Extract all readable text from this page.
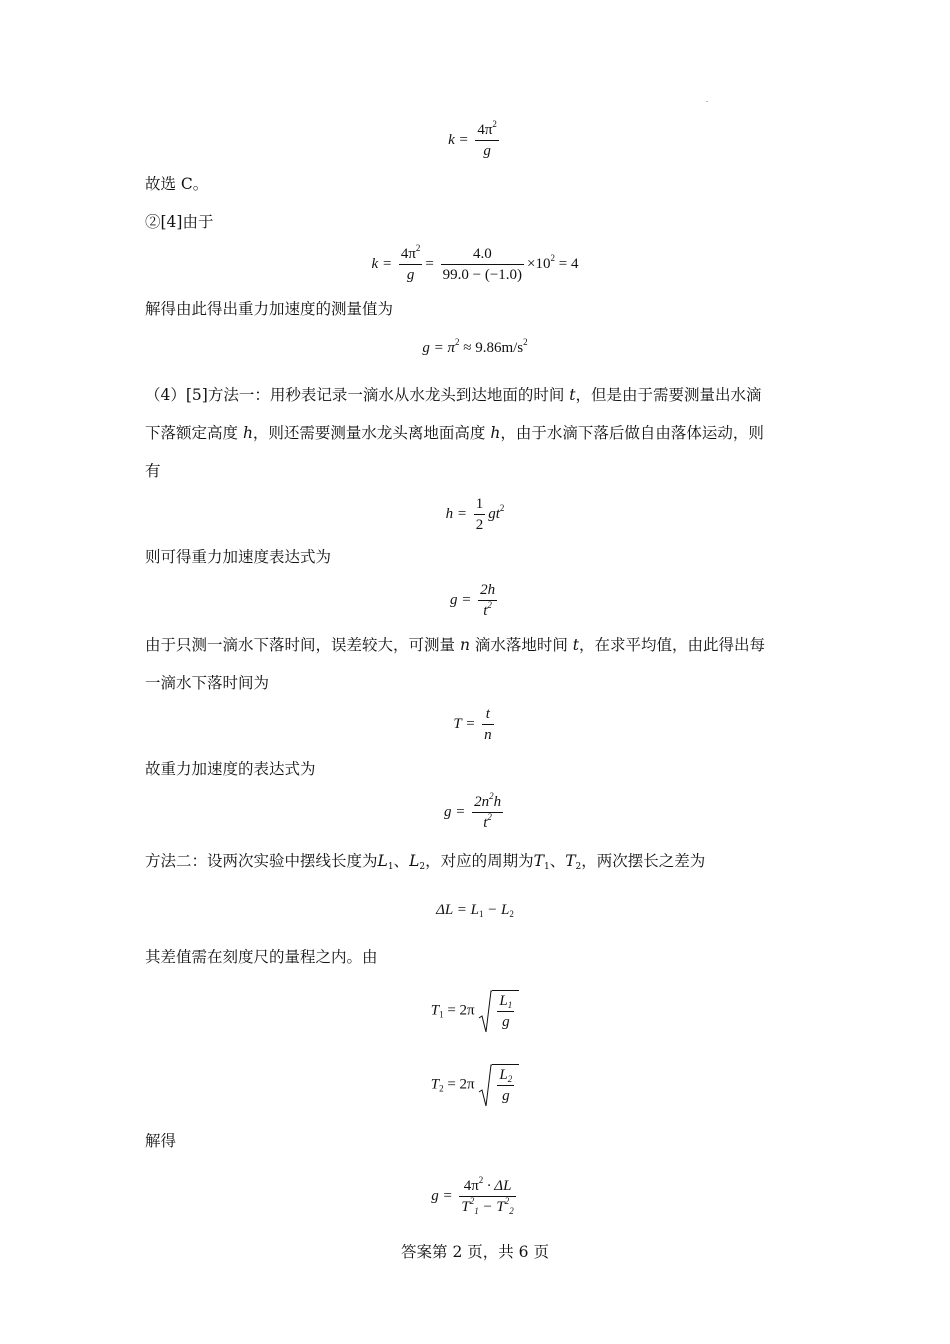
$k = \frac{4\pi^2}{g}$
故选 C。
②[4]由于
$k = \frac{4\pi^2}{g} = \frac{4.0}{99.0 - (-1.0)} \times 10^2 = 4$
解得由此得出重力加速度的测量值为
$g = \pi^2 \approx 9.86m/s^2$
（4）[5]方法一：用秒表记录一滴水从水龙头到达地面的时间 t，但是由于需要测量出水滴
下落额定高度 h，则还需要测量水龙头离地面高度 h，由于水滴下落后做自由落体运动，则
有
$h = \frac{1}{2} gt^2$
则可得重力加速度表达式为
$g = \frac{2h}{t^2}$
由于只测一滴水下落时间，误差较大，可测量 n 滴水落地时间 t，在求平均值，由此得出每
一滴水下落时间为
$T = \frac{t}{n}$
故重力加速度的表达式为
$g = \frac{2n^2h}{t^2}$
方法二：设两次实验中摆线长度为$L_1$、$L_2$，对应的周期为$T_1$、$T_2$，两次摆长之差为
$\Delta L = L_1 - L_2$
其差值需在刻度尺的量程之内。由
$T_1 = 2\pi \frac{L_1}{g}$
$T_2 = 2\pi \frac{L_2}{g}$
解得
$g = \frac{4\pi^2 \cdot \Delta L}{T^2_1 - T^2_2}$
答案第 2 页，共 6 页
